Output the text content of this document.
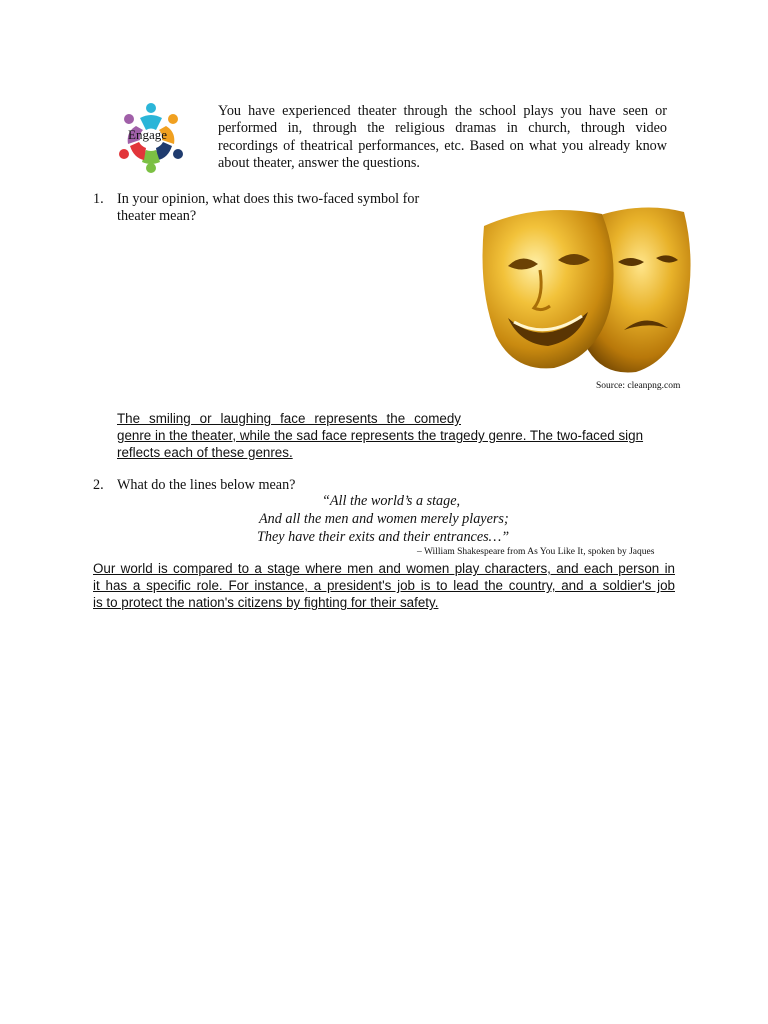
Engage
You have experienced theater through the school plays you have seen or performed in, through the religious dramas in church, through video recordings of theatrical performances, etc. Based on what you already know about theater, answer the questions.
1. In your opinion, what does this two-faced symbol for theater mean?
Source: cleanpng.com
The smiling or laughing face represents the comedy
genre in the theater, while the sad face represents the tragedy genre. The two-faced sign reflects each of these genres.
2. What do the lines below mean?
“All the world’s a stage,
And all the men and women merely players;
They have their exits and their entrances…”
– William Shakespeare from As You Like It, spoken by Jaques
Our world is compared to a stage where men and women play characters, and each person in
it has a specific role. For instance, a president's job is to lead the country, and a soldier's job
is to protect the nation's citizens by fighting for their safety.
